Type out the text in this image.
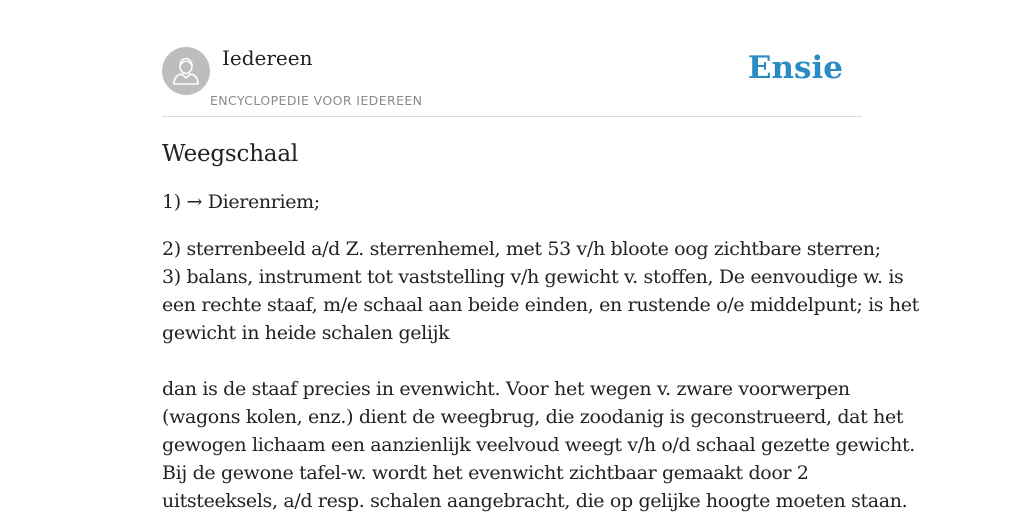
Iedereen
ENCYCLOPEDIE VOOR IEDEREEN
Ensie
Weegschaal

1) → Dierenriem;

2) sterrenbeeld a/d Z. sterrenhemel, met 53 v/h bloote oog zichtbare sterren;

3) balans, instrument tot vaststelling v/h gewicht v. stoffen, De eenvoudige w. is

een rechte staaf, m/e schaal aan beide einden, en rustende o/e middelpunt; is het

gewicht in heide schalen gelijk

dan is de staaf precies in evenwicht. Voor het wegen v. zware voorwerpen

(wagons kolen, enz.) dient de weegbrug, die zoodanig is geconstrueerd, dat het

gewogen lichaam een aanzienlijk veelvoud weegt v/h o/d schaal gezette gewicht.

Bij de gewone tafel-w. wordt het evenwicht zichtbaar gemaakt door 2

uitsteeksels, a/d resp. schalen aangebracht, die op gelijke hoogte moeten staan.
